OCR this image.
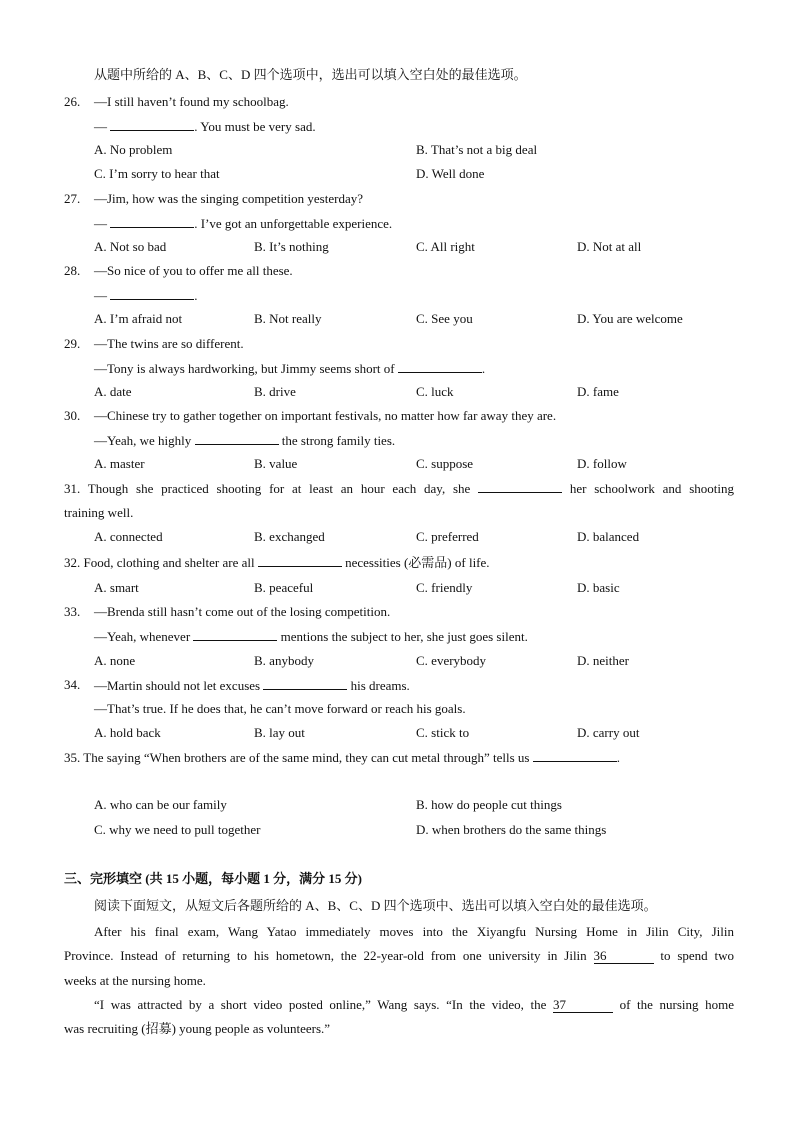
从题中所给的 A、B、C、D 四个选项中，选出可以填入空白处的最佳选项。
26. —I still haven’t found my schoolbag.
—	. You must be very sad.
A. No problem	B. That’s not a big deal
C. I’m sorry to hear that	D. Well done
27. —Jim, how was the singing competition yesterday?
—	. I’ve got an unforgettable experience.
A. Not so bad	B. It’s nothing	C. All right	D. Not at all
28. —So nice of you to offer me all these.
—	.
A. I’m afraid not	B. Not really	C. See you	D. You are welcome
29. —The twins are so different.
—Tony is always hardworking, but Jimmy seems short of	.
A. date	B. drive	C. luck	D. fame
30. —Chinese try to gather together on important festivals, no matter how far away they are.
—Yeah, we highly	the strong family ties.
A. master	B. value	C. suppose	D. follow
31. Though she practiced shooting for at least an hour each day, she	her schoolwork and shooting
training well.
A. connected	B. exchanged	C. preferred	D. balanced
32. Food, clothing and shelter are all	necessities (必需品) of life.
A. smart	B. peaceful	C. friendly	D. basic
33. —Brenda still hasn’t come out of the losing competition.
—Yeah, whenever	mentions the subject to her, she just goes silent.
A. none	B. anybody	C. everybody	D. neither
34. —Martin should not let excuses	his dreams.
—That’s true. If he does that, he can’t move forward or reach his goals.
A. hold back	B. lay out	C. stick to	D. carry out
35. The saying “When brothers are of the same mind, they can cut metal through” tells us	.
A. who can be our family	B. how do people cut things
C. why we need to pull together	D. when brothers do the same things
三、完形填空 (共 15 小题，每小题 1 分，满分 15 分)
阅读下面短文，从短文后各题所给的 A、B、C、D 四个选项中、选出可以填入空白处的最佳选项。
After his final exam, Wang Yatao immediately moves into the Xiyangfu Nursing Home in Jilin City, Jilin
Province. Instead of returning to his hometown, the 22-year-old from one university in Jilin 36	to spend two
weeks at the nursing home.
“I was attracted by a short video posted online,” Wang says. “In the video, the 37	of the nursing home
was recruiting (招募) young people as volunteers.”
